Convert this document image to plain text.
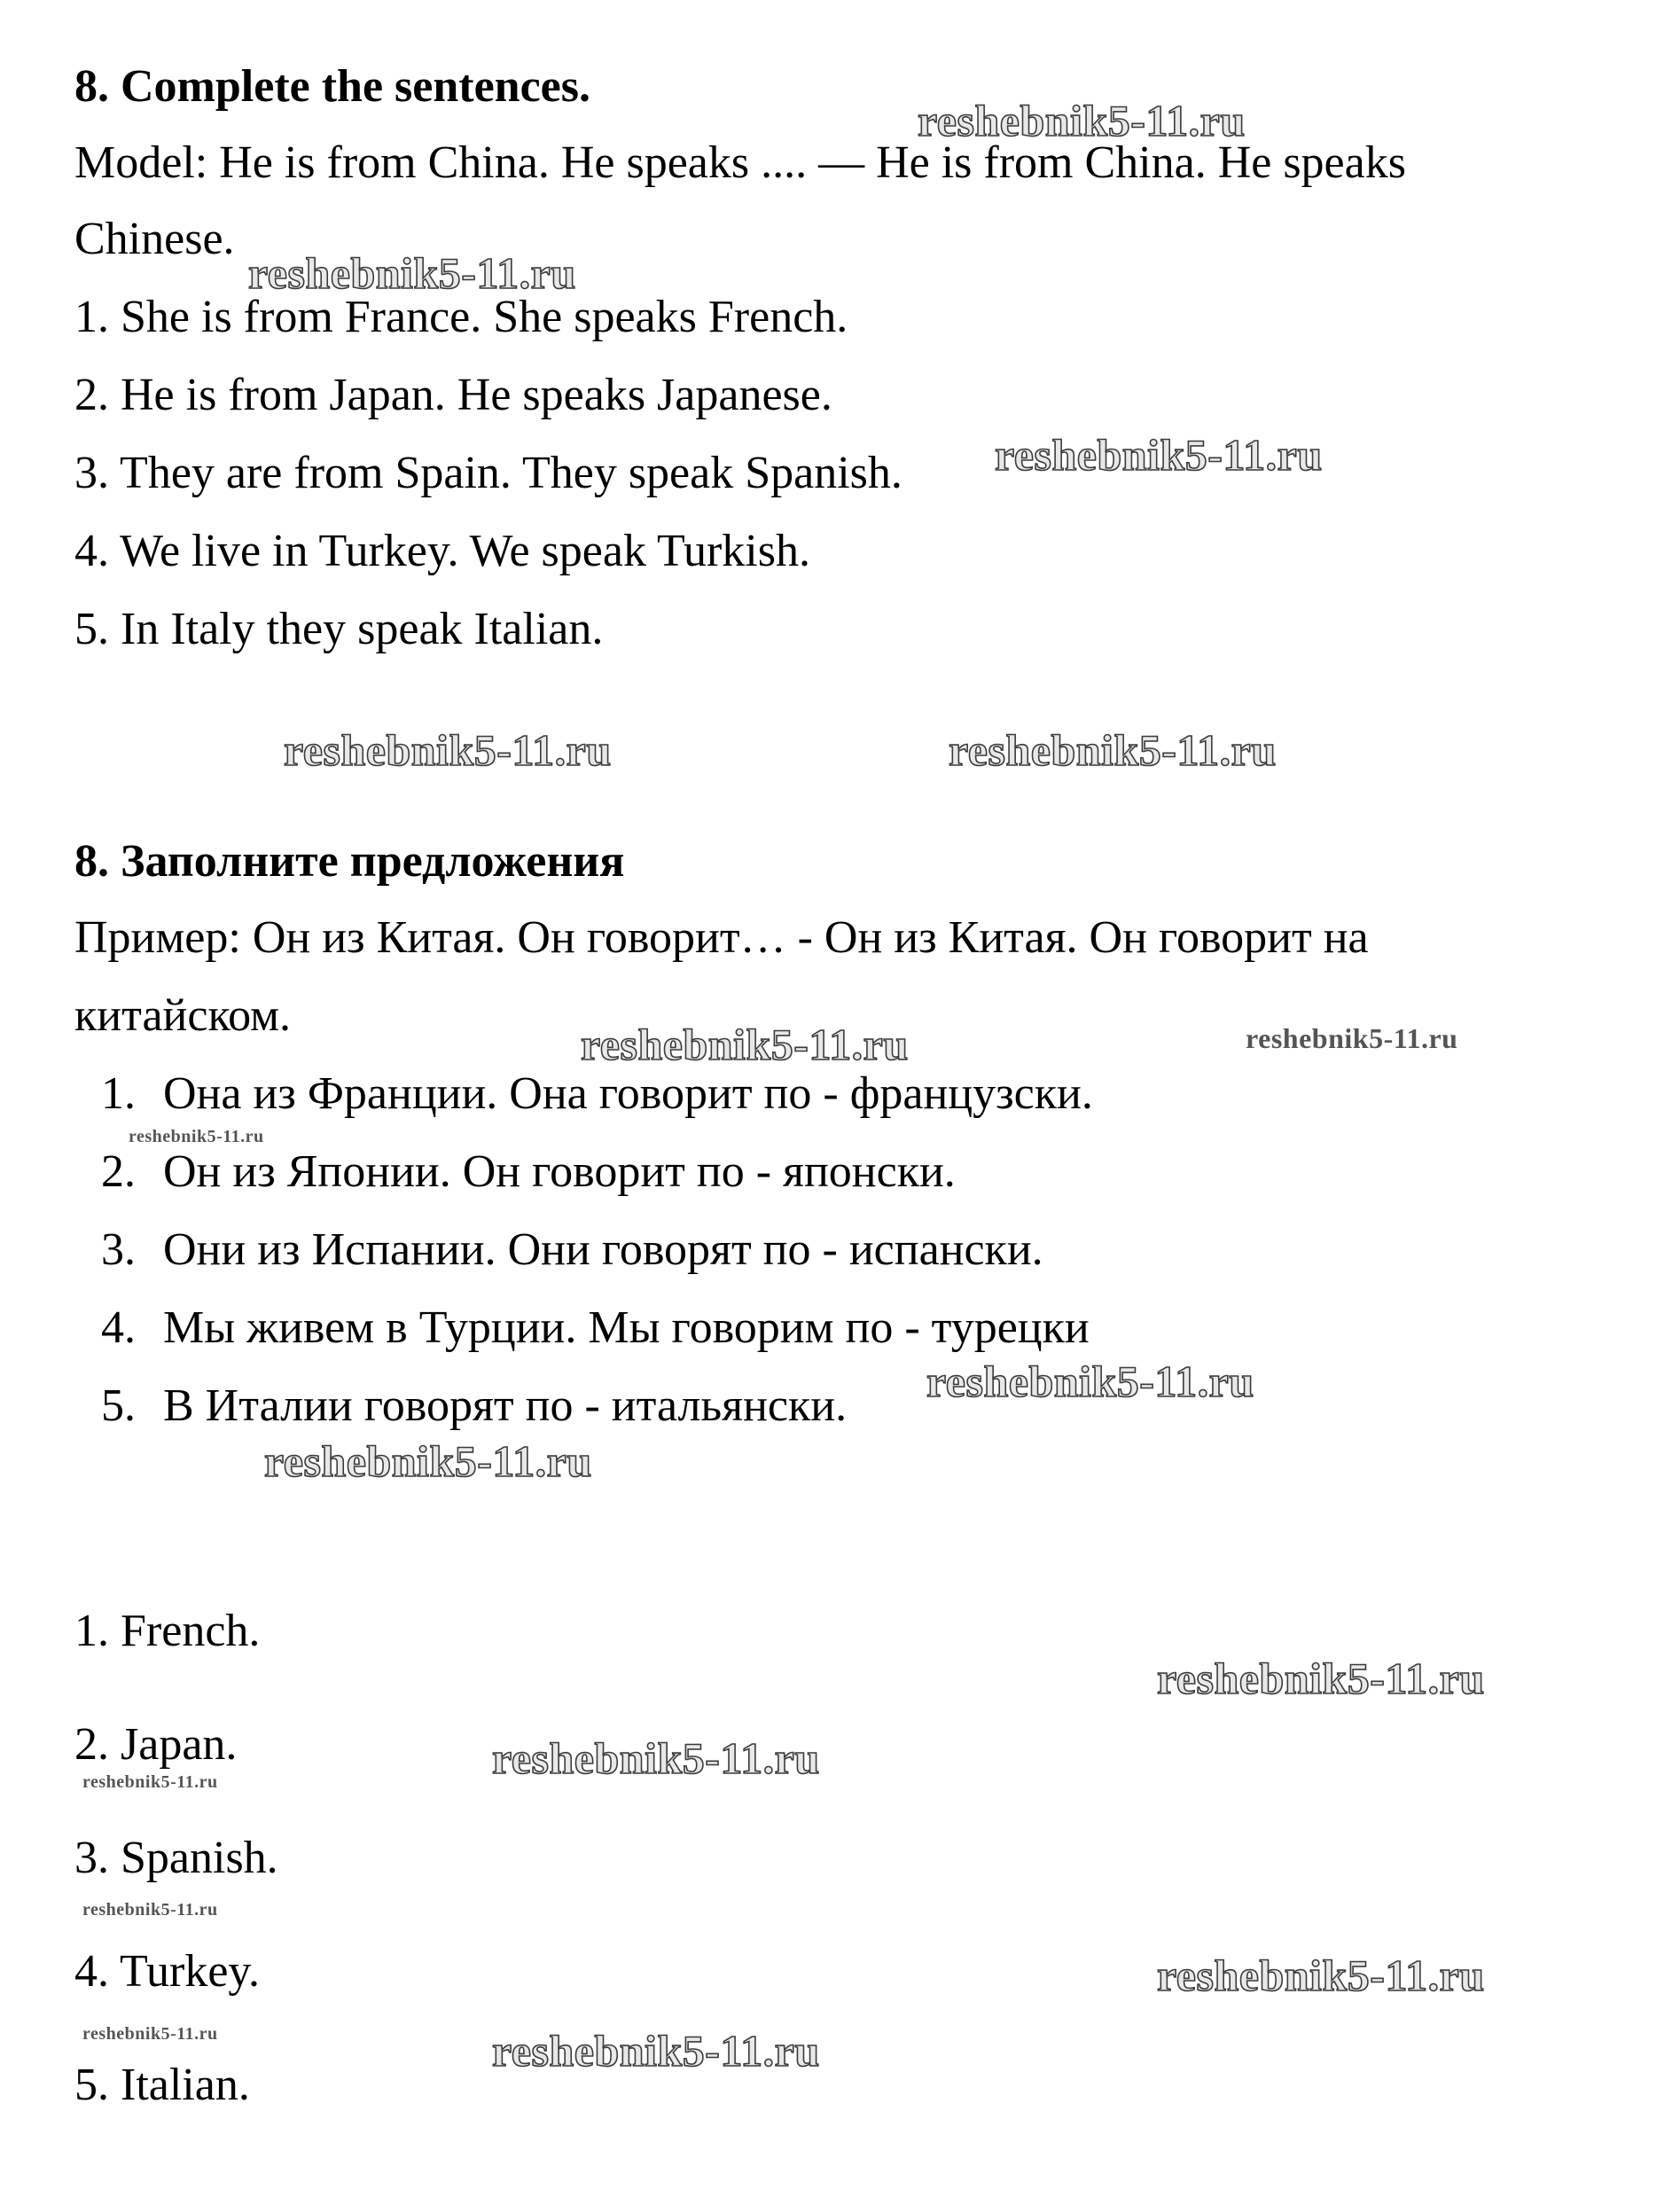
8. Complete the sentences.

Model: He is from China. He speaks .... — He is from China. He speaks

Chinese.

1. She is from France. She speaks French.

2. He is from Japan. He speaks Japanese.

3. They are from Spain. They speak Spanish.

4. We live in Turkey. We speak Turkish.

5. In Italy they speak Italian.

8. Заполните предложения

Пример: Он из Китая. Он говорит… - Он из Китая. Он говорит на

китайском.

1. Она из Франции. Она говорит по - французски.

2. Он из Японии. Он говорит по - японски.

3. Они из Испании. Они говорят по - испански.

4. Мы живем в Турции. Мы говорим по - турецки

5. В Италии говорят по - итальянски.

1. French.

2. Japan.

3. Spanish.

4. Turkey.

5. Italian.

reshebnik5-11.ru
reshebnik5-11.ru
reshebnik5-11.ru
reshebnik5-11.ru	reshebnik5-11.ru
reshebnik5-11.ru	reshebnik5-11.ru
reshebnik5-11.ru
reshebnik5-11.ru
reshebnik5-11.ru
reshebnik5-11.ru
reshebnik5-11.ru
reshebnik5-11.ru
reshebnik5-11.ru
reshebnik5-11.ru
reshebnik5-11.ru	reshebnik5-11.ru
